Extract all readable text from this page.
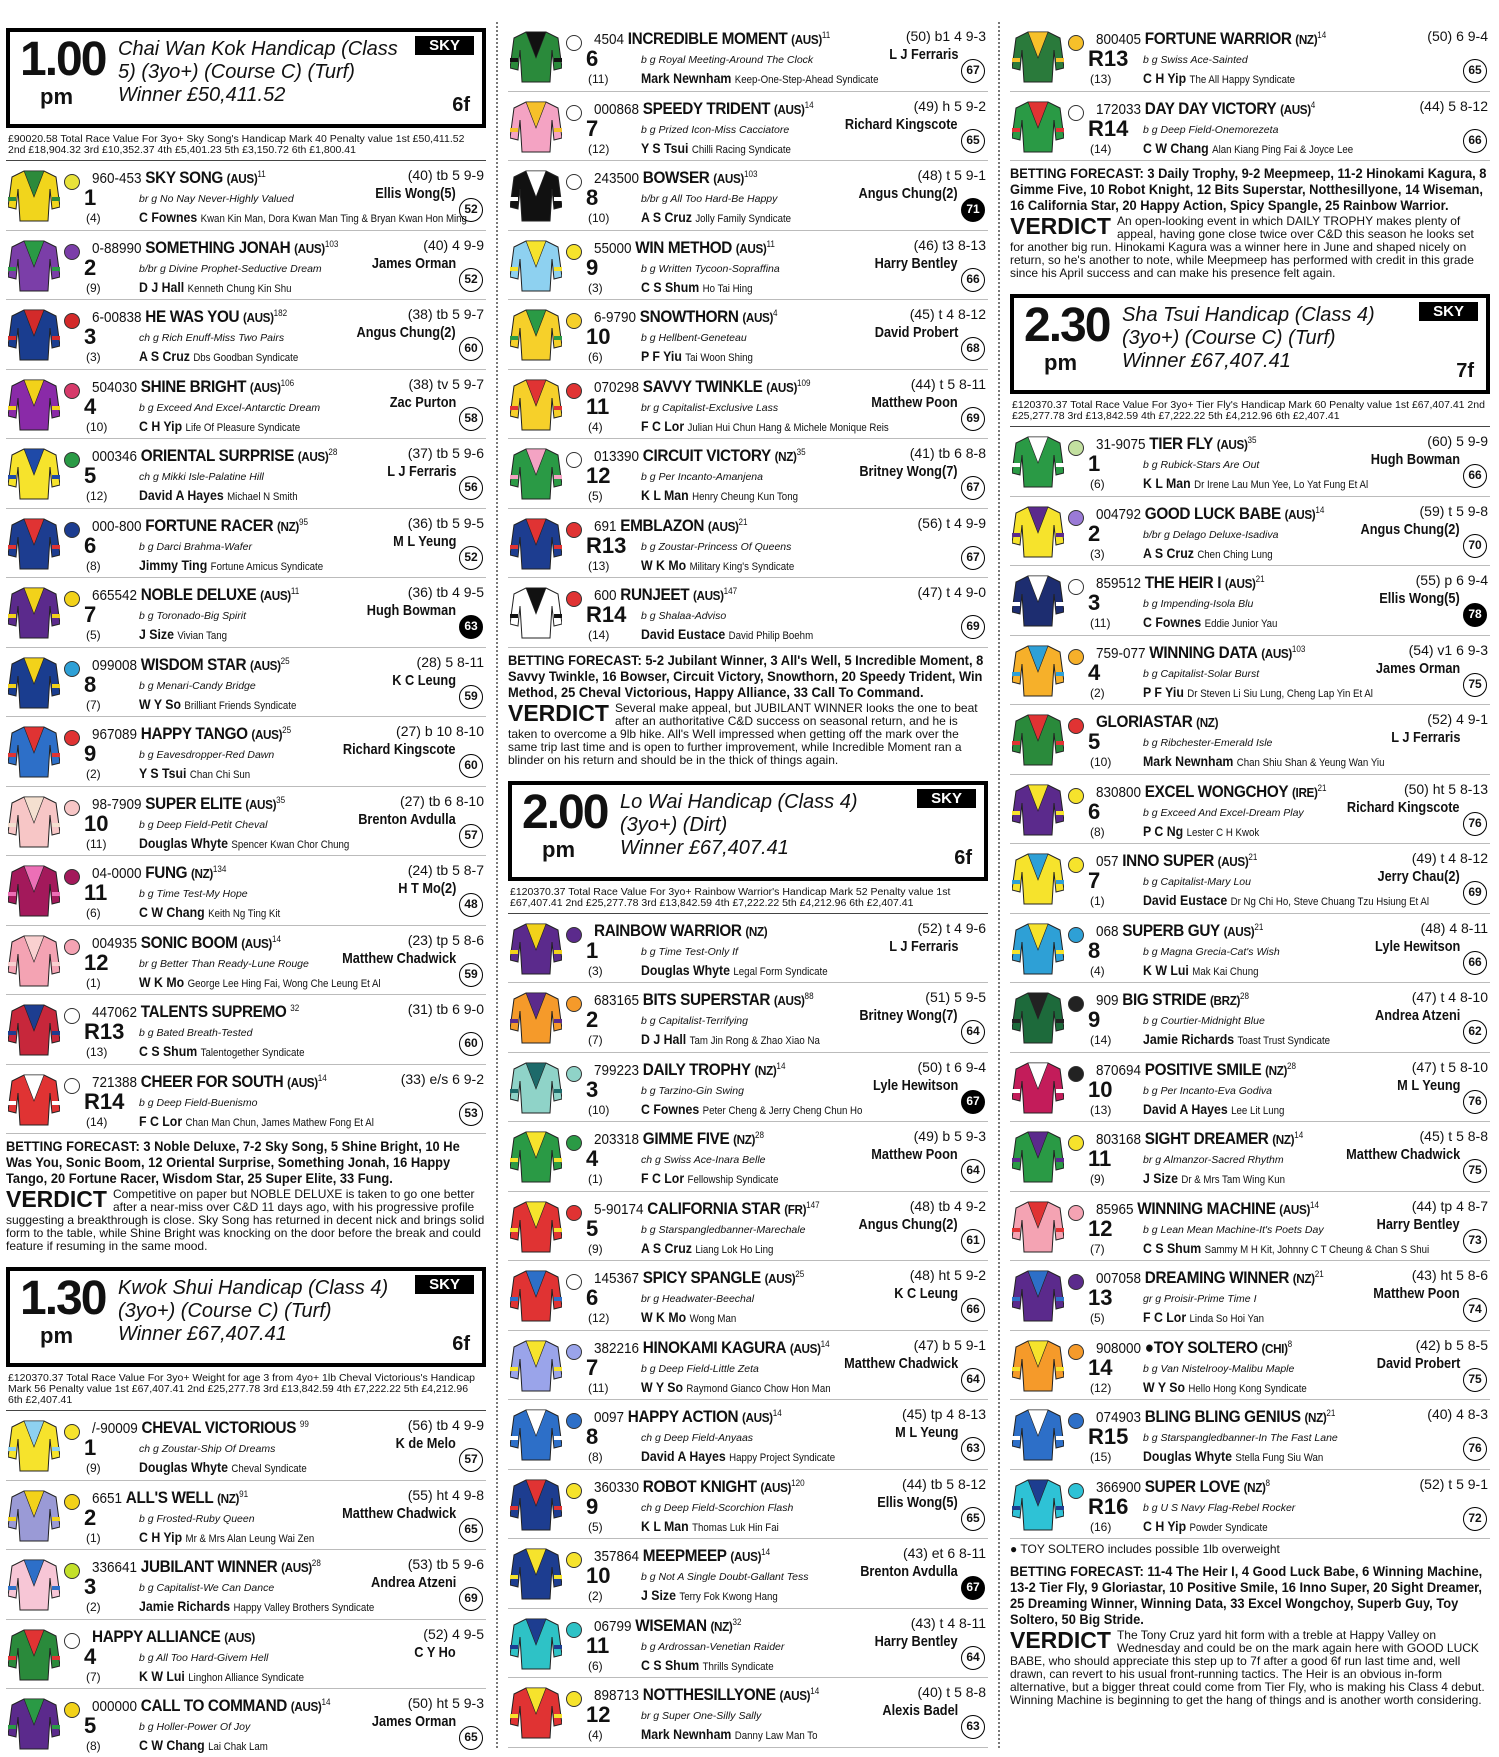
1.00
pm
Chai Wan Kok Handicap (Class 5) (3yo+) (Course C) (Turf)
Winner £50,411.52
SKY
6f
£90020.58 Total Race Value For 3yo+ Sky Song's Handicap Mark 40 Penalty value 1st £50,411.52 2nd £18,904.32 3rd £10,352.37 4th £5,401.23 5th £3,150.72 6th £1,800.41
960-453 SKY SONG (AUS)$^{11}$
1
(4)
br g No Nay Never-Highly Valued
C Fownes Kwan Kin Man, Dora Kwan Man Ting & Bryan Kwan Hon Ming
(40) tb 5 9-9
Ellis Wong(5)
52
0-88990 SOMETHING JONAH (AUS)$^{103}$
2
(9)
b/br g Divine Prophet-Seductive Dream
D J Hall Kenneth Chung Kin Shu
(40) 4 9-9
James Orman
52
6-00838 HE WAS YOU (AUS)$^{182}$
3
(3)
ch g Rich Enuff-Miss Two Pairs
A S Cruz Dbs Goodban Syndicate
(38) tb 5 9-7
Angus Chung(2)
60
504030 SHINE BRIGHT (AUS)$^{106}$
4
(10)
b g Exceed And Excel-Antarctic Dream
C H Yip Life Of Pleasure Syndicate
(38) tv 5 9-7
Zac Purton
58
000346 ORIENTAL SURPRISE (AUS)$^{28}$
5
(12)
ch g Mikki Isle-Palatine Hill
David A Hayes Michael N Smith
(37) tb 5 9-6
L J Ferraris
56
000-800 FORTUNE RACER (NZ)$^{95}$
6
(8)
b g Darci Brahma-Wafer
Jimmy Ting Fortune Amicus Syndicate
(36) tb 5 9-5
M L Yeung
52
665542 NOBLE DELUXE (AUS)$^{11}$
7
(5)
b g Toronado-Big Spirit
J Size Vivian Tang
(36) tb 4 9-5
Hugh Bowman
63
099008 WISDOM STAR (AUS)$^{25}$
8
(7)
b g Menari-Candy Bridge
W Y So Brilliant Friends Syndicate
(28) 5 8-11
K C Leung
59
967089 HAPPY TANGO (AUS)$^{25}$
9
(2)
b g Eavesdropper-Red Dawn
Y S Tsui Chan Chi Sun
(27) b 10 8-10
Richard Kingscote
60
98-7909 SUPER ELITE (AUS)$^{35}$
10
(11)
b g Deep Field-Petit Cheval
Douglas Whyte Spencer Kwan Chor Chung
(27) tb 6 8-10
Brenton Avdulla
57
04-0000 FUNG (NZ)$^{134}$
11
(6)
b g Time Test-My Hope
C W Chang Keith Ng Ting Kit
(24) tb 5 8-7
H T Mo(2)
48
004935 SONIC BOOM (AUS)$^{14}$
12
(1)
br g Better Than Ready-Lune Rouge
W K Mo George Lee Hing Fai, Wong Che Leung Et Al
(23) tp 5 8-6
Matthew Chadwick
59
447062 TALENTS SUPREMO $^{32}$
R13
(13)
b g Bated Breath-Tested
C S Shum Talentogether Syndicate
(31) tb 6 9-0
60
721388 CHEER FOR SOUTH (AUS)$^{14}$
R14
(14)
b g Deep Field-Buenismo
F C Lor Chan Man Chun, James Mathew Fong Et Al
(33) e/s 6 9-2
53
BETTING FORECAST: 3 Noble Deluxe, 7-2 Sky Song, 5 Shine Bright, 10 He Was You, Sonic Boom, 12 Oriental Surprise, Something Jonah, 16 Happy Tango, 20 Fortune Racer, Wisdom Star, 25 Super Elite, 33 Fung.
VERDICT Competitive on paper but NOBLE DELUXE is taken to go one better after a near-miss over C&D 11 days ago, with his progressive profile suggesting a breakthrough is close. Sky Song has returned in decent nick and brings solid form to the table, while Shine Bright was knocking on the door before the break and could feature if resuming in the same mood.
1.30
pm
Kwok Shui Handicap (Class 4) (3yo+) (Course C) (Turf)
Winner £67,407.41
SKY
6f
£120370.37 Total Race Value For 3yo+ Weight for age 3 from 4yo+ 1lb Cheval Victorious's Handicap Mark 56 Penalty value 1st £67,407.41 2nd £25,277.78 3rd £13,842.59 4th £7,222.22 5th £4,212.96 6th £2,407.41
/-90009 CHEVAL VICTORIOUS $^{99}$
1
(9)
ch g Zoustar-Ship Of Dreams
Douglas Whyte Cheval Syndicate
(56) tb 4 9-9
K de Melo
57
6651 ALL'S WELL (NZ)$^{91}$
2
(1)
b g Frosted-Ruby Queen
C H Yip Mr & Mrs Alan Leung Wai Zen
(55) ht 4 9-8
Matthew Chadwick
65
336641 JUBILANT WINNER (AUS)$^{28}$
3
(2)
b g Capitalist-We Can Dance
Jamie Richards Happy Valley Brothers Syndicate
(53) tb 5 9-6
Andrea Atzeni
69
HAPPY ALLIANCE (AUS)
4
(7)
b g All Too Hard-Givem Hell
K W Lui Linghon Alliance Syndicate
(52) 4 9-5
C Y Ho
000000 CALL TO COMMAND (AUS)$^{14}$
5
(8)
b g Holler-Power Of Joy
C W Chang Lai Chak Lam
(50) ht 5 9-3
James Orman
65
4504 INCREDIBLE MOMENT (AUS)$^{11}$
6
(11)
b g Royal Meeting-Around The Clock
Mark Newnham Keep-One-Step-Ahead Syndicate
(50) b1 4 9-3
L J Ferraris
67
000868 SPEEDY TRIDENT (AUS)$^{14}$
7
(12)
b g Prized Icon-Miss Cacciatore
Y S Tsui Chilli Racing Syndicate
(49) h 5 9-2
Richard Kingscote
65
243500 BOWSER (AUS)$^{103}$
8
(10)
b/br g All Too Hard-Be Happy
A S Cruz Jolly Family Syndicate
(48) t 5 9-1
Angus Chung(2)
71
55000 WIN METHOD (AUS)$^{11}$
9
(3)
b g Written Tycoon-Sopraffina
C S Shum Ho Tai Hing
(46) t3 8-13
Harry Bentley
66
6-9790 SNOWTHORN (AUS)$^4$
10
(6)
b g Hellbent-Geneteau
P F Yiu Tai Woon Shing
(45) t 4 8-12
David Probert
68
070298 SAVVY TWINKLE (AUS)$^{109}$
11
(4)
br g Capitalist-Exclusive Lass
F C Lor Julian Hui Chun Hang & Michele Monique Reis
(44) t 5 8-11
Matthew Poon
69
013390 CIRCUIT VICTORY (NZ)$^{35}$
12
(5)
b g Per Incanto-Amanjena
K L Man Henry Cheung Kun Tong
(41) tb 6 8-8
Britney Wong(7)
67
691 EMBLAZON (AUS)$^{21}$
R13
(13)
b g Zoustar-Princess Of Queens
W K Mo Military King's Syndicate
(56) t 4 9-9
67
600 RUNJEET (AUS)$^{147}$
R14
(14)
b g Shalaa-Adviso
David Eustace David Philip Boehm
(47) t 4 9-0
69
BETTING FORECAST: 5-2 Jubilant Winner, 3 All's Well, 5 Incredible Moment, 8 Savvy Twinkle, 16 Bowser, Circuit Victory, Snowthorn, 20 Speedy Trident, Win Method, 25 Cheval Victorious, Happy Alliance, 33 Call To Command.
VERDICT Several make appeal, but JUBILANT WINNER looks the one to beat after an authoritative C&D success on seasonal return, and he is taken to overcome a 9lb hike. All's Well impressed when getting off the mark over the same trip last time and is open to further improvement, while Incredible Moment ran a blinder on his return and should be in the thick of things again.
2.00
pm
Lo Wai Handicap (Class 4) (3yo+) (Dirt)
Winner £67,407.41
SKY
6f
£120370.37 Total Race Value For 3yo+ Rainbow Warrior's Handicap Mark 52 Penalty value 1st £67,407.41 2nd £25,277.78 3rd £13,842.59 4th £7,222.22 5th £4,212.96 6th £2,407.41
RAINBOW WARRIOR (NZ)
1
(3)
b g Time Test-Only If
Douglas Whyte Legal Form Syndicate
(52) t 4 9-6
L J Ferraris
683165 BITS SUPERSTAR (AUS)$^{88}$
2
(7)
b g Capitalist-Terrifying
D J Hall Tam Jin Rong & Zhao Xiao Na
(51) 5 9-5
Britney Wong(7)
64
799223 DAILY TROPHY (NZ)$^{14}$
3
(10)
b g Tarzino-Gin Swing
C Fownes Peter Cheng & Jerry Cheng Chun Ho
(50) t 6 9-4
Lyle Hewitson
67
203318 GIMME FIVE (NZ)$^{28}$
4
(1)
ch g Swiss Ace-Inara Belle
F C Lor Fellowship Syndicate
(49) b 5 9-3
Matthew Poon
64
5-90174 CALIFORNIA STAR (FR)$^{147}$
5
(9)
b g Starspangledbanner-Marechale
A S Cruz Liang Lok Ho Ling
(48) tb 4 9-2
Angus Chung(2)
61
145367 SPICY SPANGLE (AUS)$^{25}$
6
(12)
br g Headwater-Beechal
W K Mo Wong Man
(48) ht 5 9-2
K C Leung
66
382216 HINOKAMI KAGURA (AUS)$^{14}$
7
(11)
b g Deep Field-Little Zeta
W Y So Raymond Gianco Chow Hon Man
(47) b 5 9-1
Matthew Chadwick
64
0097 HAPPY ACTION (AUS)$^{14}$
8
(8)
ch g Deep Field-Anyaas
David A Hayes Happy Project Syndicate
(45) tp 4 8-13
M L Yeung
63
360330 ROBOT KNIGHT (AUS)$^{120}$
9
(5)
ch g Deep Field-Scorchion Flash
K L Man Thomas Luk Hin Fai
(44) tb 5 8-12
Ellis Wong(5)
65
357864 MEEPMEEP (AUS)$^{14}$
10
(2)
b g Not A Single Doubt-Gallant Tess
J Size Terry Fok Kwong Hang
(43) et 6 8-11
Brenton Avdulla
67
06799 WISEMAN (NZ)$^{32}$
11
(6)
b g Ardrossan-Venetian Raider
C S Shum Thrills Syndicate
(43) t 4 8-11
Harry Bentley
64
898713 NOTTHESILLYONE (AUS)$^{14}$
12
(4)
br g Super One-Silly Sally
Mark Newnham Danny Law Man To
(40) t 5 8-8
Alexis Badel
63
800405 FORTUNE WARRIOR (NZ)$^{14}$
R13
(13)
b g Swiss Ace-Sainted
C H Yip The All Happy Syndicate
(50) 6 9-4
65
172033 DAY DAY VICTORY (AUS)$^4$
R14
(14)
b g Deep Field-Onemorezeta
C W Chang Alan Kiang Ping Fai & Joyce Lee
(44) 5 8-12
66
BETTING FORECAST: 3 Daily Trophy, 9-2 Meepmeep, 11-2 Hinokami Kagura, 8 Gimme Five, 10 Robot Knight, 12 Bits Superstar, Notthesillyone, 14 Wiseman, 16 California Star, 20 Happy Action, Spicy Spangle, 25 Rainbow Warrior.
VERDICT An open-looking event in which DAILY TROPHY makes plenty of appeal, having gone close twice over C&D this season he looks set for another big run. Hinokami Kagura was a winner here in June and shaped nicely on return, so he's another to note, while Meepmeep has performed with credit in this grade since his April success and can make his presence felt again.
2.30
pm
Sha Tsui Handicap (Class 4) (3yo+) (Course C) (Turf)
Winner £67,407.41
SKY
7f
£120370.37 Total Race Value For 3yo+ Tier Fly's Handicap Mark 60 Penalty value 1st £67,407.41 2nd £25,277.78 3rd £13,842.59 4th £7,222.22 5th £4,212.96 6th £2,407.41
31-9075 TIER FLY (AUS)$^{35}$
1
(6)
b g Rubick-Stars Are Out
K L Man Dr Irene Lau Mun Yee, Lo Yat Fung Et Al
(60) 5 9-9
Hugh Bowman
66
004792 GOOD LUCK BABE (AUS)$^{14}$
2
(3)
b/br g Delago Deluxe-Isadiva
A S Cruz Chen Ching Lung
(59) t 5 9-8
Angus Chung(2)
70
859512 THE HEIR I (AUS)$^{21}$
3
(11)
b g Impending-Isola Blu
C Fownes Eddie Junior Yau
(55) p 6 9-4
Ellis Wong(5)
78
759-077 WINNING DATA (AUS)$^{103}$
4
(2)
b g Capitalist-Solar Burst
P F Yiu Dr Steven Li Siu Lung, Cheng Lap Yin Et Al
(54) v1 6 9-3
James Orman
75
GLORIASTAR (NZ)
5
(10)
b g Ribchester-Emerald Isle
Mark Newnham Chan Shiu Shan & Yeung Wan Yiu
(52) 4 9-1
L J Ferraris
830800 EXCEL WONGCHOY (IRE)$^{21}$
6
(8)
b g Exceed And Excel-Dream Play
P C Ng Lester C H Kwok
(50) ht 5 8-13
Richard Kingscote
76
057 INNO SUPER (AUS)$^{21}$
7
(1)
b g Capitalist-Mary Lou
David Eustace Dr Ng Chi Ho, Steve Chuang Tzu Hsiung Et Al
(49) t 4 8-12
Jerry Chau(2)
69
068 SUPERB GUY (AUS)$^{21}$
8
(4)
b g Magna Grecia-Cat's Wish
K W Lui Mak Kai Chung
(48) 4 8-11
Lyle Hewitson
66
909 BIG STRIDE (BRZ)$^{28}$
9
(14)
b g Courtier-Midnight Blue
Jamie Richards Toast Trust Syndicate
(47) t 4 8-10
Andrea Atzeni
62
870694 POSITIVE SMILE (NZ)$^{28}$
10
(13)
b g Per Incanto-Eva Godiva
David A Hayes Lee Lit Lung
(47) t 5 8-10
M L Yeung
76
803168 SIGHT DREAMER (NZ)$^{14}$
11
(9)
br g Almanzor-Sacred Rhythm
J Size Dr & Mrs Tam Wing Kun
(45) t 5 8-8
Matthew Chadwick
75
85965 WINNING MACHINE (AUS)$^{14}$
12
(7)
b g Lean Mean Machine-It's Poets Day
C S Shum Sammy M H Kit, Johnny C T Cheung & Chan S Shui
(44) tp 4 8-7
Harry Bentley
73
007058 DREAMING WINNER (NZ)$^{21}$
13
(5)
gr g Proisir-Prime Time I
F C Lor Linda So Hoi Yan
(43) ht 5 8-6
Matthew Poon
74
908000 ●TOY SOLTERO (CHI)$^8$
14
(12)
b g Van Nistelrooy-Malibu Maple
W Y So Hello Hong Kong Syndicate
(42) b 5 8-5
David Probert
75
074903 BLING BLING GENIUS (NZ)$^{21}$
R15
(15)
b g Starspangledbanner-In The Fast Lane
Douglas Whyte Stella Fung Siu Wan
(40) 4 8-3
76
366900 SUPER LOVE (NZ)$^8$
R16
(16)
b g U S Navy Flag-Rebel Rocker
C H Yip Powder Syndicate
(52) t 5 9-1
72
● TOY SOLTERO includes possible 1lb overweight
BETTING FORECAST: 11-4 The Heir I, 4 Good Luck Babe, 6 Winning Machine, 13-2 Tier Fly, 9 Gloriastar, 10 Positive Smile, 16 Inno Super, 20 Sight Dreamer, 25 Dreaming Winner, Winning Data, 33 Excel Wongchoy, Superb Guy, Toy Soltero, 50 Big Stride.
VERDICT The Tony Cruz yard hit form with a treble at Happy Valley on Wednesday and could be on the mark again here with GOOD LUCK BABE, who should appreciate this step up to 7f after a good 6f run last time and, well drawn, can revert to his usual front-running tactics. The Heir is an obvious in-form alternative, but a bigger threat could come from Tier Fly, who is making his Class 4 debut. Winning Machine is beginning to get the hang of things and is another worth considering.
